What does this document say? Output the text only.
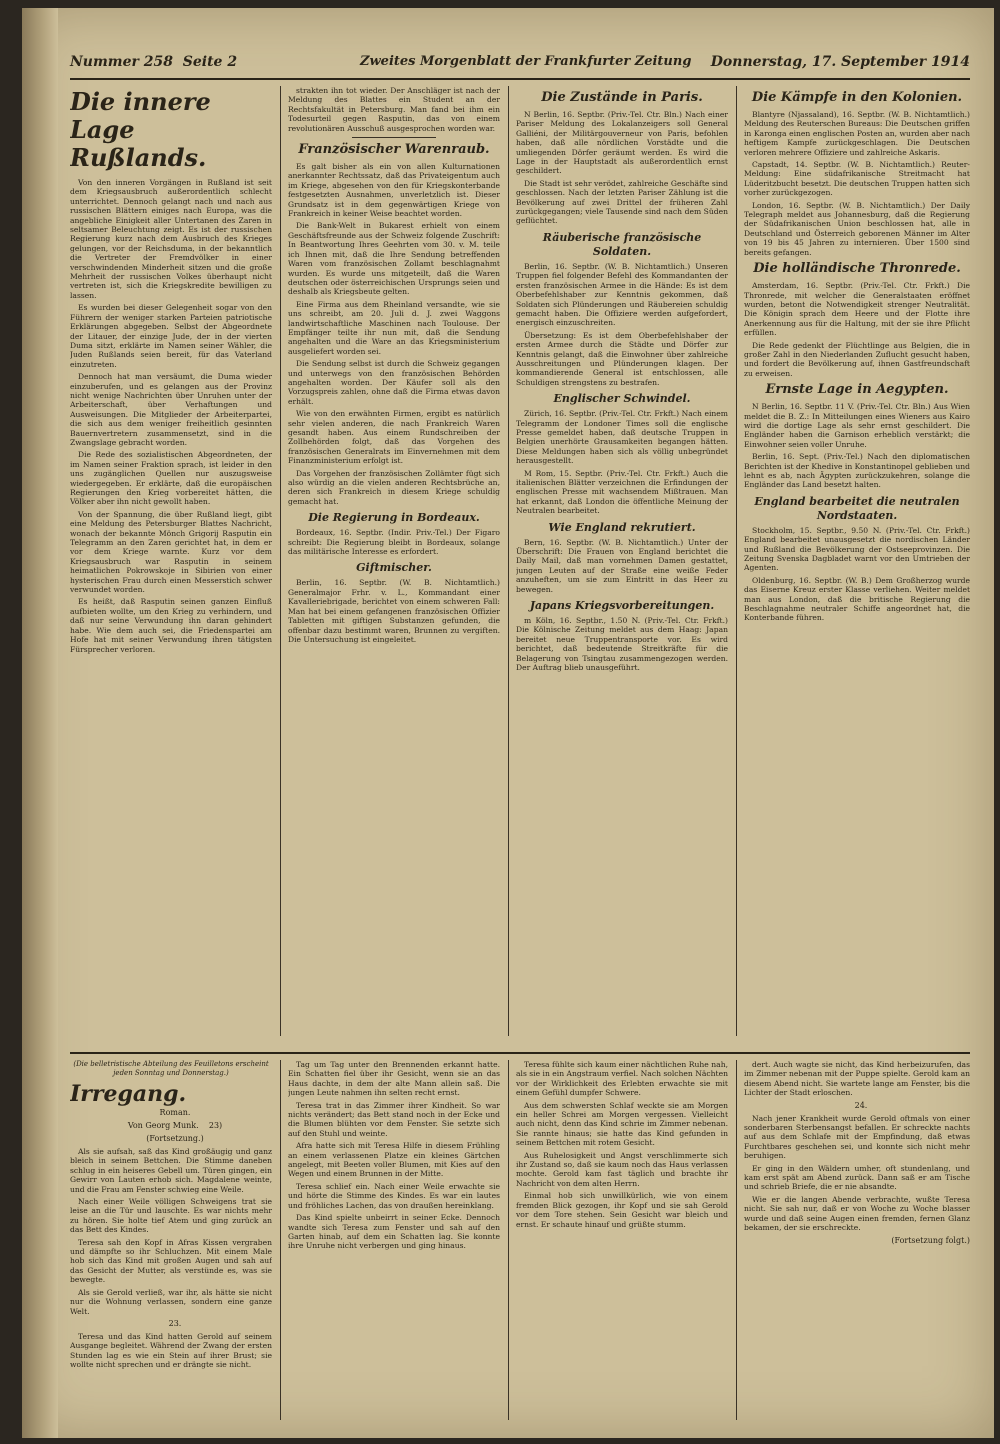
Nummer 258 Seite 2	Zweites Morgenblatt der Frankfurter Zeitung Donnerstag, 17. September 1914
Die innere Lage Rußlands.

Von den inneren Vorgängen in Rußland ist seit dem Kriegsausbruch außerordentlich schlecht unterrichtet. Dennoch gelangt nach und nach aus russischen Blättern einiges nach Europa, was die angebliche Einigkeit aller Untertanen des Zaren in seltsamer Beleuchtung zeigt. Es ist der russischen Regierung kurz nach dem Ausbruch des Krieges gelungen, vor der Reichsduma, in der bekanntlich die Vertreter der Fremdvölker in einer verschwindenden Minderheit sitzen und die große Mehrheit der russischen Volkes überhaupt nicht vertreten ist, sich die Kriegskredite bewilligen zu lassen.

Es wurden bei dieser Gelegenheit sogar von den Führern der weniger starken Parteien patriotische Erklärungen abgegeben. Selbst der Abgeordnete der Litauer, der einzige Jude, der in der vierten Duma sitzt, erklärte im Namen seiner Wähler, die Juden Rußlands seien bereit, für das Vaterland einzutreten.

Dennoch hat man versäumt, die Duma wieder einzuberufen, und es gelangen aus der Provinz nicht wenige Nachrichten über Unruhen unter der Arbeiterschaft, über Verhaftungen und Ausweisungen. Die Mitglieder der Arbeiterpartei, die sich aus dem weniger freiheitlich gesinnten Bauernvertretern zusammensetzt, sind in die Zwangslage gebracht worden.

Die Rede des sozialistischen Abgeordneten, der im Namen seiner Fraktion sprach, ist leider in den uns zugänglichen Quellen nur auszugsweise wiedergegeben. Er erklärte, daß die europäischen Regierungen den Krieg vorbereitet hätten, die Völker aber ihn nicht gewollt haben.

Von der Spannung, die über Rußland liegt, gibt eine Meldung des Petersburger Blattes Nachricht, wonach der bekannte Mönch Grigorij Rasputin ein Telegramm an den Zaren gerichtet hat, in dem er vor dem Kriege warnte. Kurz vor dem Kriegsausbruch war Rasputin in seinem heimatlichen Pokrowskoje in Sibirien von einer hysterischen Frau durch einen Messerstich schwer verwundet worden.

Es heißt, daß Rasputin seinen ganzen Einfluß aufbieten wollte, um den Krieg zu verhindern, und daß nur seine Verwundung ihn daran gehindert habe. Wie dem auch sei, die Friedenspartei am Hofe hat mit seiner Verwundung ihren tätigsten Fürsprecher verloren.

strakten ihn tot wieder. Der Anschläger ist nach der Meldung des Blattes ein Student an der Rechtsfakultät in Petersburg. Man fand bei ihm ein Todesurteil gegen Rasputin, das von einem revolutionären Ausschuß ausgesprochen worden war.

Französischer Warenraub.

Es galt bisher als ein von allen Kulturnationen anerkannter Rechtssatz, daß das Privateigentum auch im Kriege, abgesehen von den für Kriegskonterbande festgesetzten Ausnahmen, unverletzlich ist. Dieser Grundsatz ist in dem gegenwärtigen Kriege von Frankreich in keiner Weise beachtet worden.

Die Bank-Welt in Bukarest erhielt von einem Geschäftsfreunde aus der Schweiz folgende Zuschrift: In Beantwortung Ihres Geehrten vom 30. v. M. teile ich Ihnen mit, daß die Ihre Sendung betreffenden Waren vom französischen Zollamt beschlagnahmt wurden. Es wurde uns mitgeteilt, daß die Waren deutschen oder österreichischen Ursprungs seien und deshalb als Kriegsbeute gelten.

Eine Firma aus dem Rheinland versandte, wie sie uns schreibt, am 20. Juli d. J. zwei Waggons landwirtschaftliche Maschinen nach Toulouse. Der Empfänger teilte ihr nun mit, daß die Sendung angehalten und die Ware an das Kriegsministerium ausgeliefert worden sei.

Die Sendung selbst ist durch die Schweiz gegangen und unterwegs von den französischen Behörden angehalten worden. Der Käufer soll als den Vorzugspreis zahlen, ohne daß die Firma etwas davon erhält.

Wie von den erwähnten Firmen, ergibt es natürlich sehr vielen anderen, die nach Frankreich Waren gesandt haben. Aus einem Rundschreiben der Zollbehörden folgt, daß das Vorgehen des französischen Generalrats im Einvernehmen mit dem Finanzministerium erfolgt ist.

Das Vorgehen der französischen Zollämter fügt sich also würdig an die vielen anderen Rechtsbrüche an, deren sich Frankreich in diesem Kriege schuldig gemacht hat.

Die Regierung in Bordeaux.

Bordeaux, 16. Septbr. (Indir. Priv.-Tel.) Der Figaro schreibt: Die Regierung bleibt in Bordeaux, solange das militärische Interesse es erfordert.

Giftmischer.

Berlin, 16. Septbr. (W. B. Nichtamtlich.) Generalmajor Frhr. v. L., Kommandant einer Kavalleriebrigade, berichtet von einem schweren Fall: Man hat bei einem gefangenen französischen Offizier Tabletten mit giftigen Substanzen gefunden, die offenbar dazu bestimmt waren, Brunnen zu vergiften. Die Untersuchung ist eingeleitet.

Die Zustände in Paris.

N Berlin, 16. Septbr. (Priv.-Tel. Ctr. Bln.) Nach einer Pariser Meldung des Lokalanzeigers soll General Galliéni, der Militärgouverneur von Paris, befohlen haben, daß alle nördlichen Vorstädte und die umliegenden Dörfer geräumt werden. Es wird die Lage in der Hauptstadt als außerordentlich ernst geschildert.

Die Stadt ist sehr verödet, zahlreiche Geschäfte sind geschlossen. Nach der letzten Pariser Zählung ist die Bevölkerung auf zwei Drittel der früheren Zahl zurückgegangen; viele Tausende sind nach dem Süden geflüchtet.

Räuberische französische Soldaten.

Berlin, 16. Septbr. (W. B. Nichtamtlich.) Unseren Truppen fiel folgender Befehl des Kommandanten der ersten französischen Armee in die Hände: Es ist dem Oberbefehlshaber zur Kenntnis gekommen, daß Soldaten sich Plünderungen und Räubereien schuldig gemacht haben. Die Offiziere werden aufgefordert, energisch einzuschreiten.

Übersetzung: Es ist dem Oberbefehlshaber der ersten Armee durch die Städte und Dörfer zur Kenntnis gelangt, daß die Einwohner über zahlreiche Ausschreitungen und Plünderungen klagen. Der kommandierende General ist entschlossen, alle Schuldigen strengstens zu bestrafen.

Englischer Schwindel.

Zürich, 16. Septbr. (Priv.-Tel. Ctr. Frkft.) Nach einem Telegramm der Londoner Times soll die englische Presse gemeldet haben, daß deutsche Truppen in Belgien unerhörte Grausamkeiten begangen hätten. Diese Meldungen haben sich als völlig unbegründet herausgestellt.

M Rom, 15. Septbr. (Priv.-Tel. Ctr. Frkft.) Auch die italienischen Blätter verzeichnen die Erfindungen der englischen Presse mit wachsendem Mißtrauen. Man hat erkannt, daß London die öffentliche Meinung der Neutralen bearbeitet.

Wie England rekrutiert.

Bern, 16. Septbr. (W. B. Nichtamtlich.) Unter der Überschrift: Die Frauen von England berichtet die Daily Mail, daß man vornehmen Damen gestattet, jungen Leuten auf der Straße eine weiße Feder anzuheften, um sie zum Eintritt in das Heer zu bewegen.

Japans Kriegsvorbereitungen.

m Köln, 16. Septbr., 1.50 N. (Priv.-Tel. Ctr. Frkft.) Die Kölnische Zeitung meldet aus dem Haag: Japan bereitet neue Truppentransporte vor. Es wird berichtet, daß bedeutende Streitkräfte für die Belagerung von Tsingtau zusammengezogen werden. Der Auftrag blieb unausgeführt.

Die Kämpfe in den Kolonien.

Blantyre (Njassaland), 16. Septbr. (W. B. Nichtamtlich.) Meldung des Reuterschen Bureaus: Die Deutschen griffen in Karonga einen englischen Posten an, wurden aber nach heftigem Kampfe zurückgeschlagen. Die Deutschen verloren mehrere Offiziere und zahlreiche Askaris.

Capstadt, 14. Septbr. (W. B. Nichtamtlich.) Reuter-Meldung: Eine südafrikanische Streitmacht hat Lüderitzbucht besetzt. Die deutschen Truppen hatten sich vorher zurückgezogen.

London, 16. Septbr. (W. B. Nichtamtlich.) Der Daily Telegraph meldet aus Johannesburg, daß die Regierung der Südafrikanischen Union beschlossen hat, alle in Deutschland und Österreich geborenen Männer im Alter von 19 bis 45 Jahren zu internieren. Über 1500 sind bereits gefangen.

Die holländische Thronrede.

Amsterdam, 16. Septbr. (Priv.-Tel. Ctr. Frkft.) Die Thronrede, mit welcher die Generalstaaten eröffnet wurden, betont die Notwendigkeit strenger Neutralität. Die Königin sprach dem Heere und der Flotte ihre Anerkennung aus für die Haltung, mit der sie ihre Pflicht erfüllen.

Die Rede gedenkt der Flüchtlinge aus Belgien, die in großer Zahl in den Niederlanden Zuflucht gesucht haben, und fordert die Bevölkerung auf, ihnen Gastfreundschaft zu erweisen.

Ernste Lage in Aegypten.

N Berlin, 16. Septbr. 11 V. (Priv.-Tel. Ctr. Bln.) Aus Wien meldet die B. Z.: In Mitteilungen eines Wieners aus Kairo wird die dortige Lage als sehr ernst geschildert. Die Engländer haben die Garnison erheblich verstärkt; die Einwohner seien voller Unruhe.

Berlin, 16. Sept. (Priv.-Tel.) Nach den diplomatischen Berichten ist der Khedive in Konstantinopel geblieben und lehnt es ab, nach Ägypten zurückzukehren, solange die Engländer das Land besetzt halten.

England bearbeitet die neutralen Nordstaaten.

Stockholm, 15. Septbr., 9.50 N. (Priv.-Tel. Ctr. Frkft.) England bearbeitet unausgesetzt die nordischen Länder und Rußland die Bevölkerung der Ostseeprovinzen. Die Zeitung Svenska Dagbladet warnt vor den Umtrieben der Agenten.

Oldenburg, 16. Septbr. (W. B.) Dem Großherzog wurde das Eiserne Kreuz erster Klasse verliehen. Weiter meldet man aus London, daß die britische Regierung die Beschlagnahme neutraler Schiffe angeordnet hat, die Konterbande führen.

(Die belletristische Abteilung des Feuilletons erscheint jeden Sonntag und Donnerstag.)
Irregang.

Roman.

Von Georg Munk. 23)

(Fortsetzung.)

Als sie aufsah, saß das Kind großäugig und ganz bleich in seinem Bettchen. Die Stimme daneben schlug in ein heiseres Gebell um. Türen gingen, ein Gewirr von Lauten erhob sich. Magdalene weinte, und die Frau am Fenster schwieg eine Weile.

Nach einer Weile völligen Schweigens trat sie leise an die Tür und lauschte. Es war nichts mehr zu hören. Sie holte tief Atem und ging zurück an das Bett des Kindes.

Teresa sah den Kopf in Afras Kissen vergraben und dämpfte so ihr Schluchzen. Mit einem Male hob sich das Kind mit großen Augen und sah auf das Gesicht der Mutter, als verstünde es, was sie bewegte.

Als sie Gerold verließ, war ihr, als hätte sie nicht nur die Wohnung verlassen, sondern eine ganze Welt.

23.

Teresa und das Kind hatten Gerold auf seinem Ausgange begleitet. Während der Zwang der ersten Stunden lag es wie ein Stein auf ihrer Brust; sie wollte nicht sprechen und er drängte sie nicht.

Tag um Tag unter den Brennenden erkannt hatte. Ein Schatten fiel über ihr Gesicht, wenn sie an das Haus dachte, in dem der alte Mann allein saß. Die jungen Leute nahmen ihn selten recht ernst.

Teresa trat in das Zimmer ihrer Kindheit. So war nichts verändert; das Bett stand noch in der Ecke und die Blumen blühten vor dem Fenster. Sie setzte sich auf den Stuhl und weinte.

Afra hatte sich mit Teresa Hilfe in diesem Frühling an einem verlassenen Platze ein kleines Gärtchen angelegt, mit Beeten voller Blumen, mit Kies auf den Wegen und einem Brunnen in der Mitte.

Teresa schlief ein. Nach einer Weile erwachte sie und hörte die Stimme des Kindes. Es war ein lautes und fröhliches Lachen, das von draußen hereinklang.

Das Kind spielte unbeirrt in seiner Ecke. Dennoch wandte sich Teresa zum Fenster und sah auf den Garten hinab, auf dem ein Schatten lag. Sie konnte ihre Unruhe nicht verbergen und ging hinaus.

Teresa fühlte sich kaum einer nächtlichen Ruhe nah, als sie in ein Angstraum verfiel. Nach solchen Nächten vor der Wirklichkeit des Erlebten erwachte sie mit einem Gefühl dumpfer Schwere.

Aus dem schwersten Schlaf weckte sie am Morgen ein heller Schrei am Morgen vergessen. Vielleicht auch nicht, denn das Kind schrie im Zimmer nebenan. Sie rannte hinaus; sie hatte das Kind gefunden in seinem Bettchen mit rotem Gesicht.

Aus Ruhelosigkeit und Angst verschlimmerte sich ihr Zustand so, daß sie kaum noch das Haus verlassen mochte. Gerold kam fast täglich und brachte ihr Nachricht von dem alten Herrn.

Einmal hob sich unwillkürlich, wie von einem fremden Blick gezogen, ihr Kopf und sie sah Gerold vor dem Tore stehen. Sein Gesicht war bleich und ernst. Er schaute hinauf und grüßte stumm.

dert. Auch wagte sie nicht, das Kind herbeizurufen, das im Zimmer nebenan mit der Puppe spielte. Gerold kam an diesem Abend nicht. Sie wartete lange am Fenster, bis die Lichter der Stadt erloschen.

24.

Nach jener Krankheit wurde Gerold oftmals von einer sonderbaren Sterbensangst befallen. Er schreckte nachts auf aus dem Schlafe mit der Empfindung, daß etwas Furchtbares geschehen sei, und konnte sich nicht mehr beruhigen.

Er ging in den Wäldern umher, oft stundenlang, und kam erst spät am Abend zurück. Dann saß er am Tische und schrieb Briefe, die er nie absandte.

Wie er die langen Abende verbrachte, wußte Teresa nicht. Sie sah nur, daß er von Woche zu Woche blasser wurde und daß seine Augen einen fremden, fernen Glanz bekamen, der sie erschreckte.

(Fortsetzung folgt.)
